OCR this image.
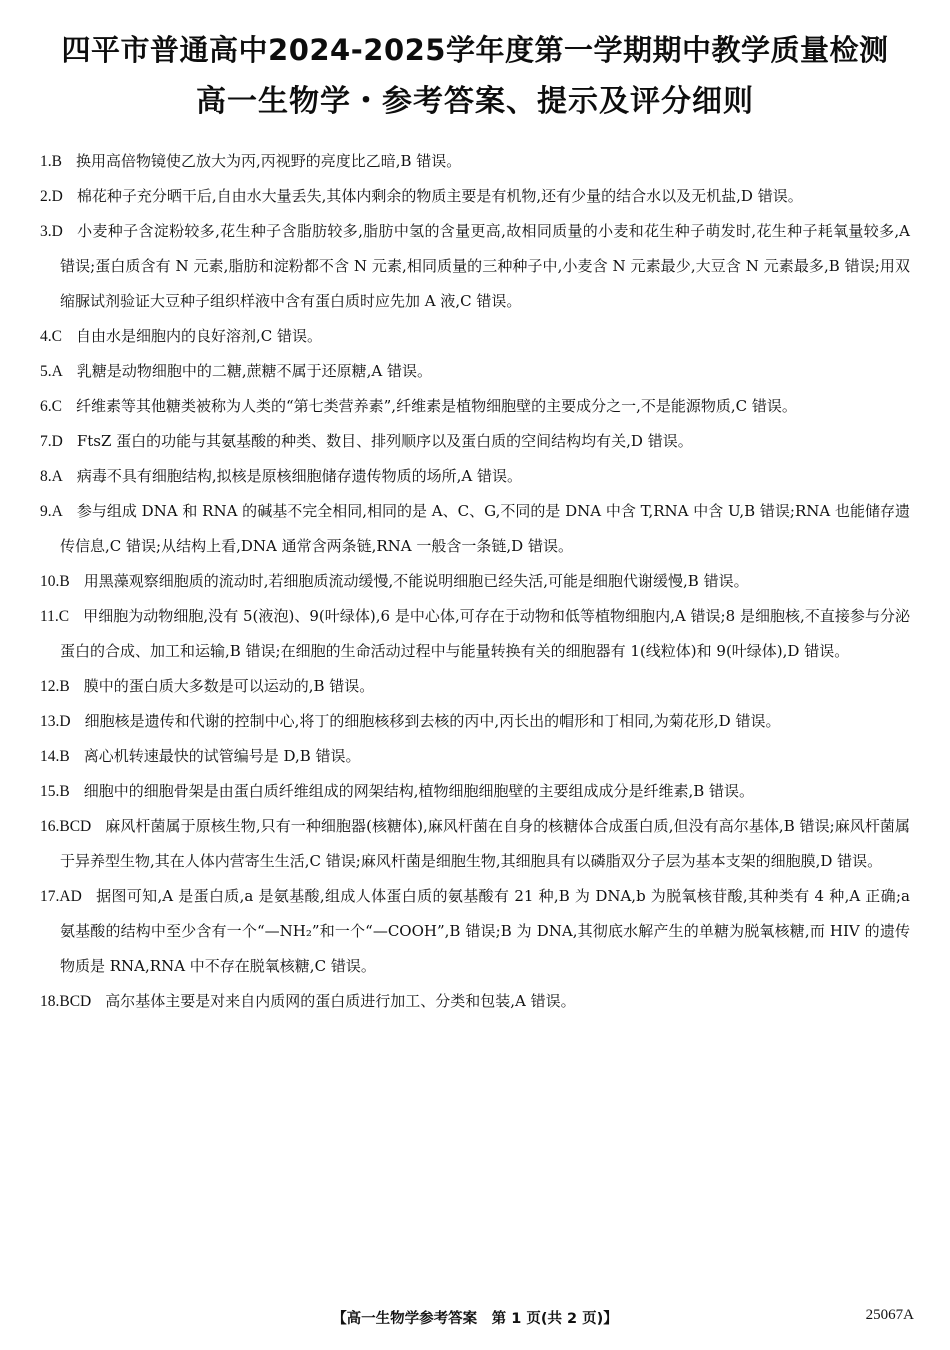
四平市普通高中2024-2025学年度第一学期期中教学质量检测
高一生物学・参考答案、提示及评分细则
1.B 换用高倍物镜使乙放大为丙,丙视野的亮度比乙暗,B 错误。
2.D 棉花种子充分晒干后,自由水大量丢失,其体内剩余的物质主要是有机物,还有少量的结合水以及无机盐,D 错误。
3.D 小麦种子含淀粉较多,花生种子含脂肪较多,脂肪中氢的含量更高,故相同质量的小麦和花生种子萌发时,花生种子耗氧量较多,A 错误;蛋白质含有 N 元素,脂肪和淀粉都不含 N 元素,相同质量的三种种子中,小麦含 N 元素最少,大豆含 N 元素最多,B 错误;用双缩脲试剂验证大豆种子组织样液中含有蛋白质时应先加 A 液,C 错误。
4.C 自由水是细胞内的良好溶剂,C 错误。
5.A 乳糖是动物细胞中的二糖,蔗糖不属于还原糖,A 错误。
6.C 纤维素等其他糖类被称为人类的“第七类营养素”,纤维素是植物细胞壁的主要成分之一,不是能源物质,C 错误。
7.D FtsZ 蛋白的功能与其氨基酸的种类、数目、排列顺序以及蛋白质的空间结构均有关,D 错误。
8.A 病毒不具有细胞结构,拟核是原核细胞储存遗传物质的场所,A 错误。
9.A 参与组成 DNA 和 RNA 的碱基不完全相同,相同的是 A、C、G,不同的是 DNA 中含 T,RNA 中含 U,B 错误;RNA 也能储存遗传信息,C 错误;从结构上看,DNA 通常含两条链,RNA 一般含一条链,D 错误。
10.B 用黑藻观察细胞质的流动时,若细胞质流动缓慢,不能说明细胞已经失活,可能是细胞代谢缓慢,B 错误。
11.C 甲细胞为动物细胞,没有 5(液泡)、9(叶绿体),6 是中心体,可存在于动物和低等植物细胞内,A 错误;8 是细胞核,不直接参与分泌蛋白的合成、加工和运输,B 错误;在细胞的生命活动过程中与能量转换有关的细胞器有 1(线粒体)和 9(叶绿体),D 错误。
12.B 膜中的蛋白质大多数是可以运动的,B 错误。
13.D 细胞核是遗传和代谢的控制中心,将丁的细胞核移到去核的丙中,丙长出的帽形和丁相同,为菊花形,D 错误。
14.B 离心机转速最快的试管编号是 D,B 错误。
15.B 细胞中的细胞骨架是由蛋白质纤维组成的网架结构,植物细胞细胞壁的主要组成成分是纤维素,B 错误。
16.BCD 麻风杆菌属于原核生物,只有一种细胞器(核糖体),麻风杆菌在自身的核糖体合成蛋白质,但没有高尔基体,B 错误;麻风杆菌属于异养型生物,其在人体内营寄生生活,C 错误;麻风杆菌是细胞生物,其细胞具有以磷脂双分子层为基本支架的细胞膜,D 错误。
17.AD 据图可知,A 是蛋白质,a 是氨基酸,组成人体蛋白质的氨基酸有 21 种,B 为 DNA,b 为脱氧核苷酸,其种类有 4 种,A 正确;a 氨基酸的结构中至少含有一个“—NH₂”和一个“—COOH”,B 错误;B 为 DNA,其彻底水解产生的单糖为脱氧核糖,而 HIV 的遗传物质是 RNA,RNA 中不存在脱氧核糖,C 错误。
18.BCD 高尔基体主要是对来自内质网的蛋白质进行加工、分类和包装,A 错误。
【高一生物学参考答案　第 1 页(共 2 页)】	25067A
